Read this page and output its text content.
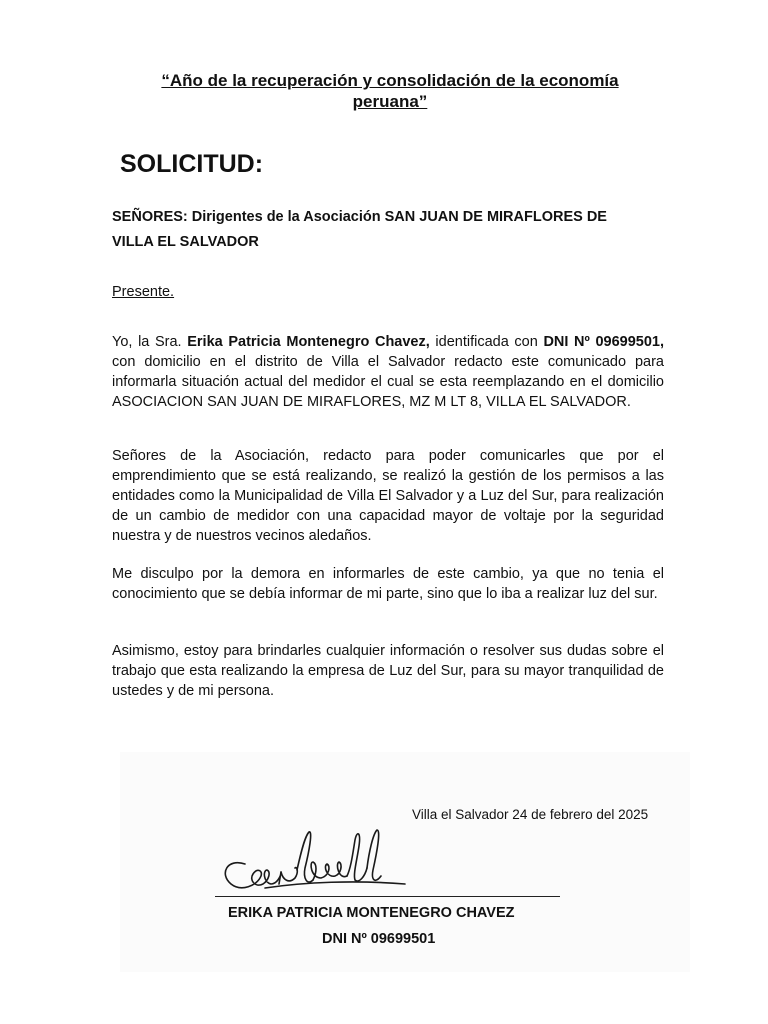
“Año de la recuperación y consolidación de la economía
peruana”
SOLICITUD:
SEÑORES: Dirigentes de la Asociación SAN JUAN DE MIRAFLORES DE
VILLA EL SALVADOR
Presente.
Yo, la Sra. Erika Patricia Montenegro Chavez, identificada con DNI Nº 09699501, con domicilio en el distrito de Villa el Salvador redacto este comunicado para informarla situación actual del medidor el cual se esta reemplazando en el domicilio ASOCIACION SAN JUAN DE MIRAFLORES, MZ M LT 8, VILLA EL SALVADOR.
Señores de la Asociación, redacto para poder comunicarles que por el emprendimiento que se está realizando, se realizó la gestión de los permisos a las entidades como la Municipalidad de Villa El Salvador y a Luz del Sur, para realización de un cambio de medidor con una capacidad mayor de voltaje por la seguridad nuestra y de nuestros vecinos aledaños.
Me disculpo por la demora en informarles de este cambio, ya que no tenia el conocimiento que se debía informar de mi parte, sino que lo iba a realizar luz del sur.
Asimismo, estoy para brindarles cualquier información o resolver sus dudas sobre el trabajo que esta realizando la empresa de Luz del Sur, para su mayor tranquilidad de ustedes y de mi persona.
Villa el Salvador 24 de febrero del 2025
ERIKA PATRICIA MONTENEGRO CHAVEZ
DNI Nº 09699501
